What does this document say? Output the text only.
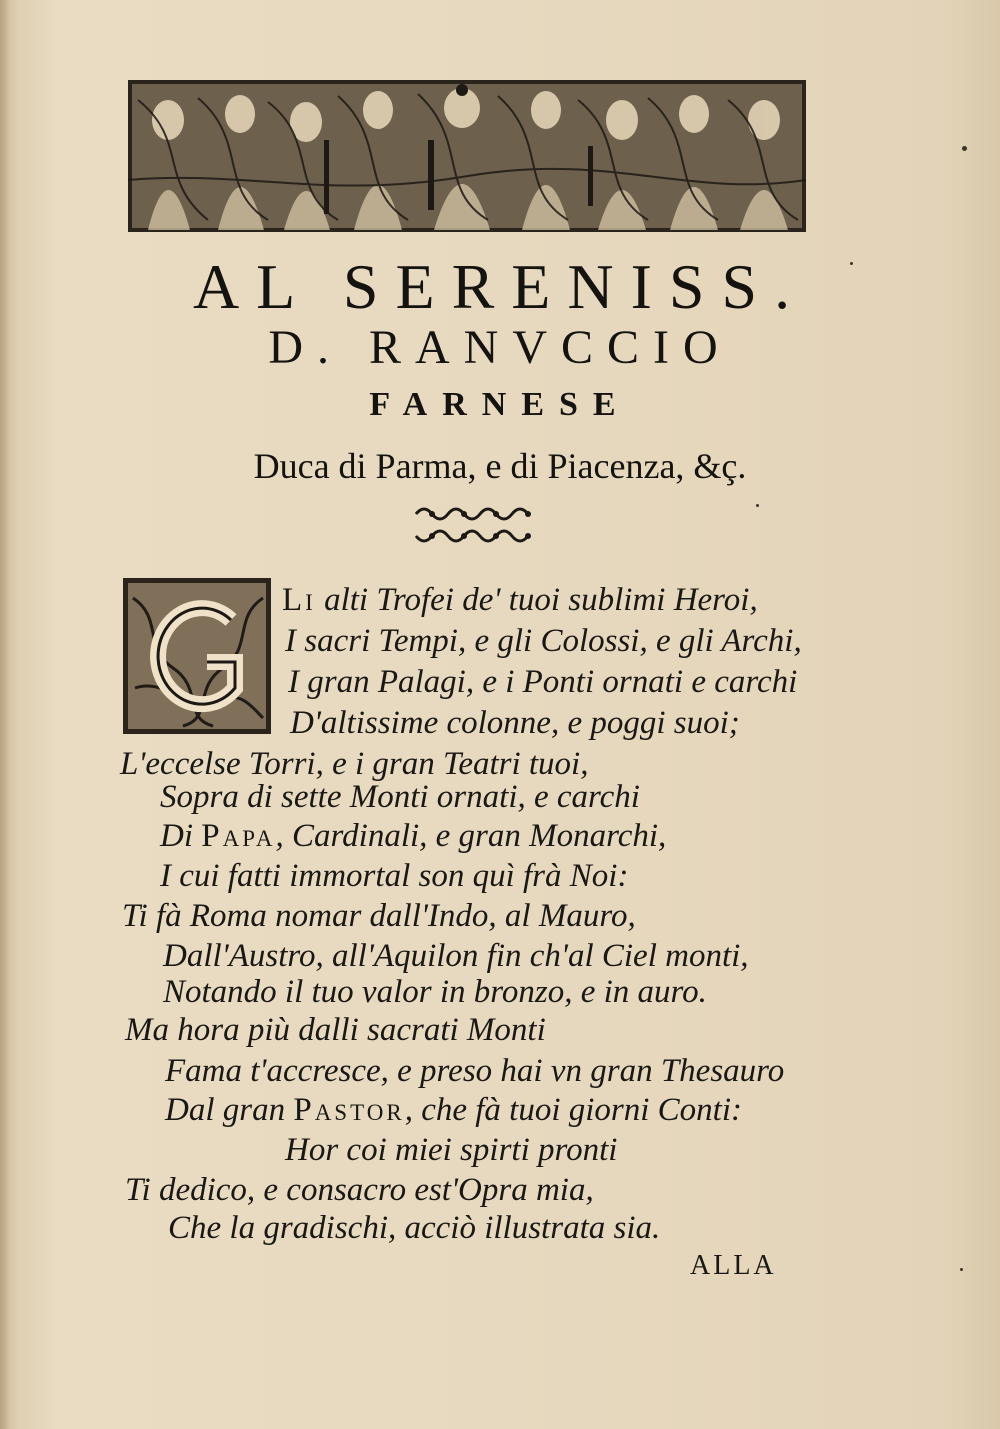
AL SERENISS.
D. RANVCCIO
FARNESE
Duca di Parma, e di Piacenza, &ç.
Li alti Trofei de' tuoi sublimi Heroi,
I sacri Tempi, e gli Colossi, e gli Archi,
I gran Palagi, e i Ponti ornati e carchi
D'altissime colonne, e poggi suoi;
L'eccelse Torri, e i gran Teatri tuoi,
Sopra di sette Monti ornati, e carchi
Di Papa, Cardinali, e gran Monarchi,
I cui fatti immortal son quì frà Noi:
Ti fà Roma nomar dall'Indo, al Mauro,
Dall'Austro, all'Aquilon fin ch'al Ciel monti,
Notando il tuo valor in bronzo, e in auro.
Ma hora più dalli sacrati Monti
Fama t'accresce, e preso hai vn gran Thesauro
Dal gran Pastor, che fà tuoi giorni Conti:
Hor coi miei spirti pronti
Ti dedico, e consacro est'Opra mia,
Che la gradischi, acciò illustrata sia.
ALLA
